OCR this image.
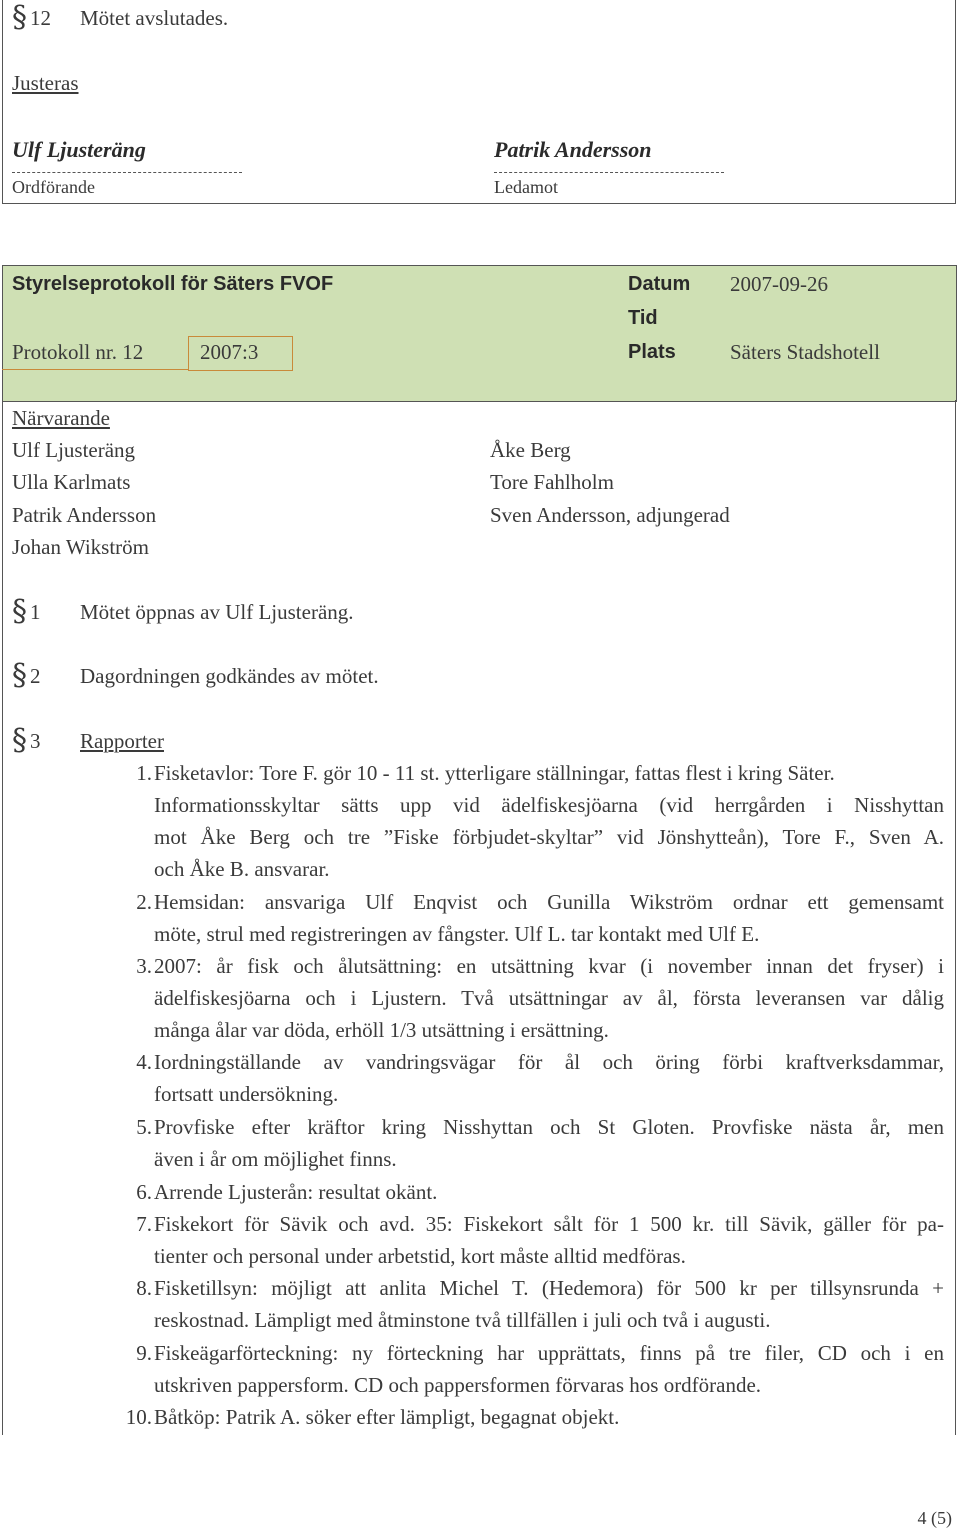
§ 12 Mötet avslutades.
Justeras
Ulf Ljusteräng
Ordförande
Patrik Andersson
Ledamot
Styrelseprotokoll för Säters FVOF	Datum 2007-09-26
Tid
Protokoll nr. 12	2007:3	Plats	Säters Stadshotell
Närvarande
Ulf Ljusteräng
Ulla Karlmats
Patrik Andersson
Johan Wikström
Åke Berg
Tore Fahlholm
Sven Andersson, adjungerad
§ 1 Mötet öppnas av Ulf Ljusteräng.
§ 2 Dagordningen godkändes av mötet.
§ 3 Rapporter
1. Fisketavlor: Tore F. gör 10 - 11 st. ytterligare ställningar, fattas flest i kring Säter.
Informationsskyltar sätts upp vid ädelfiskesjöarna (vid herrgården i Nisshyttan
mot Åke Berg och tre ”Fiske förbjudet-skyltar” vid Jönshytteån), Tore F., Sven A.
och Åke B. ansvarar.
2. Hemsidan: ansvariga Ulf Enqvist och Gunilla Wikström ordnar ett gemensamt
möte, strul med registreringen av fångster. Ulf L. tar kontakt med Ulf E.
3. 2007: år fisk och ålutsättning: en utsättning kvar (i november innan det fryser) i
ädelfiskesjöarna och i Ljustern. Två utsättningar av ål, första leveransen var dålig
många ålar var döda, erhöll 1/3 utsättning i ersättning.
4. Iordningställande av vandringsvägar för ål och öring förbi kraftverksdammar,
fortsatt undersökning.
5. Provfiske efter kräftor kring Nisshyttan och St Gloten. Provfiske nästa år, men
även i år om möjlighet finns.
6. Arrende Ljusterån: resultat okänt.
7. Fiskekort för Sävik och avd. 35: Fiskekort sålt för 1 500 kr. till Sävik, gäller för pa-
tienter och personal under arbetstid, kort måste alltid medföras.
8. Fisketillsyn: möjligt att anlita Michel T. (Hedemora) för 500 kr per tillsynsrunda +
reskostnad. Lämpligt med åtminstone två tillfällen i juli och två i augusti.
9. Fiskeägarförteckning: ny förteckning har upprättats, finns på tre filer, CD och i en
utskriven pappersform. CD och pappersformen förvaras hos ordförande.
10. Båtköp: Patrik A. söker efter lämpligt, begagnat objekt.
4 (5)
